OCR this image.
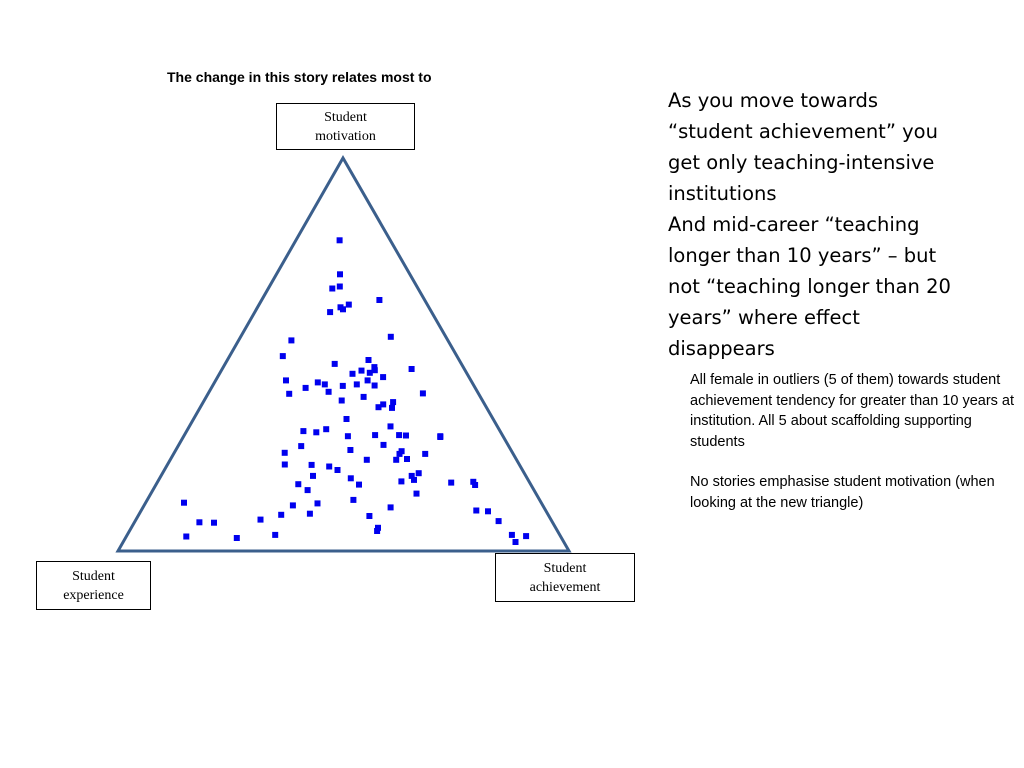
The change in this story relates most to
Student
motivation
Student
experience
Student
achievement

As you move towards “student achievement” you get only teaching-intensive institutions

And mid-career “teaching longer than 10 years” – but not “teaching longer than 20 years” where effect disappears

All female in outliers (5 of them) towards student achievement tendency for greater than 10 years at institution. All 5 about scaffolding supporting students

No stories emphasise student motivation (when looking at the new triangle)
